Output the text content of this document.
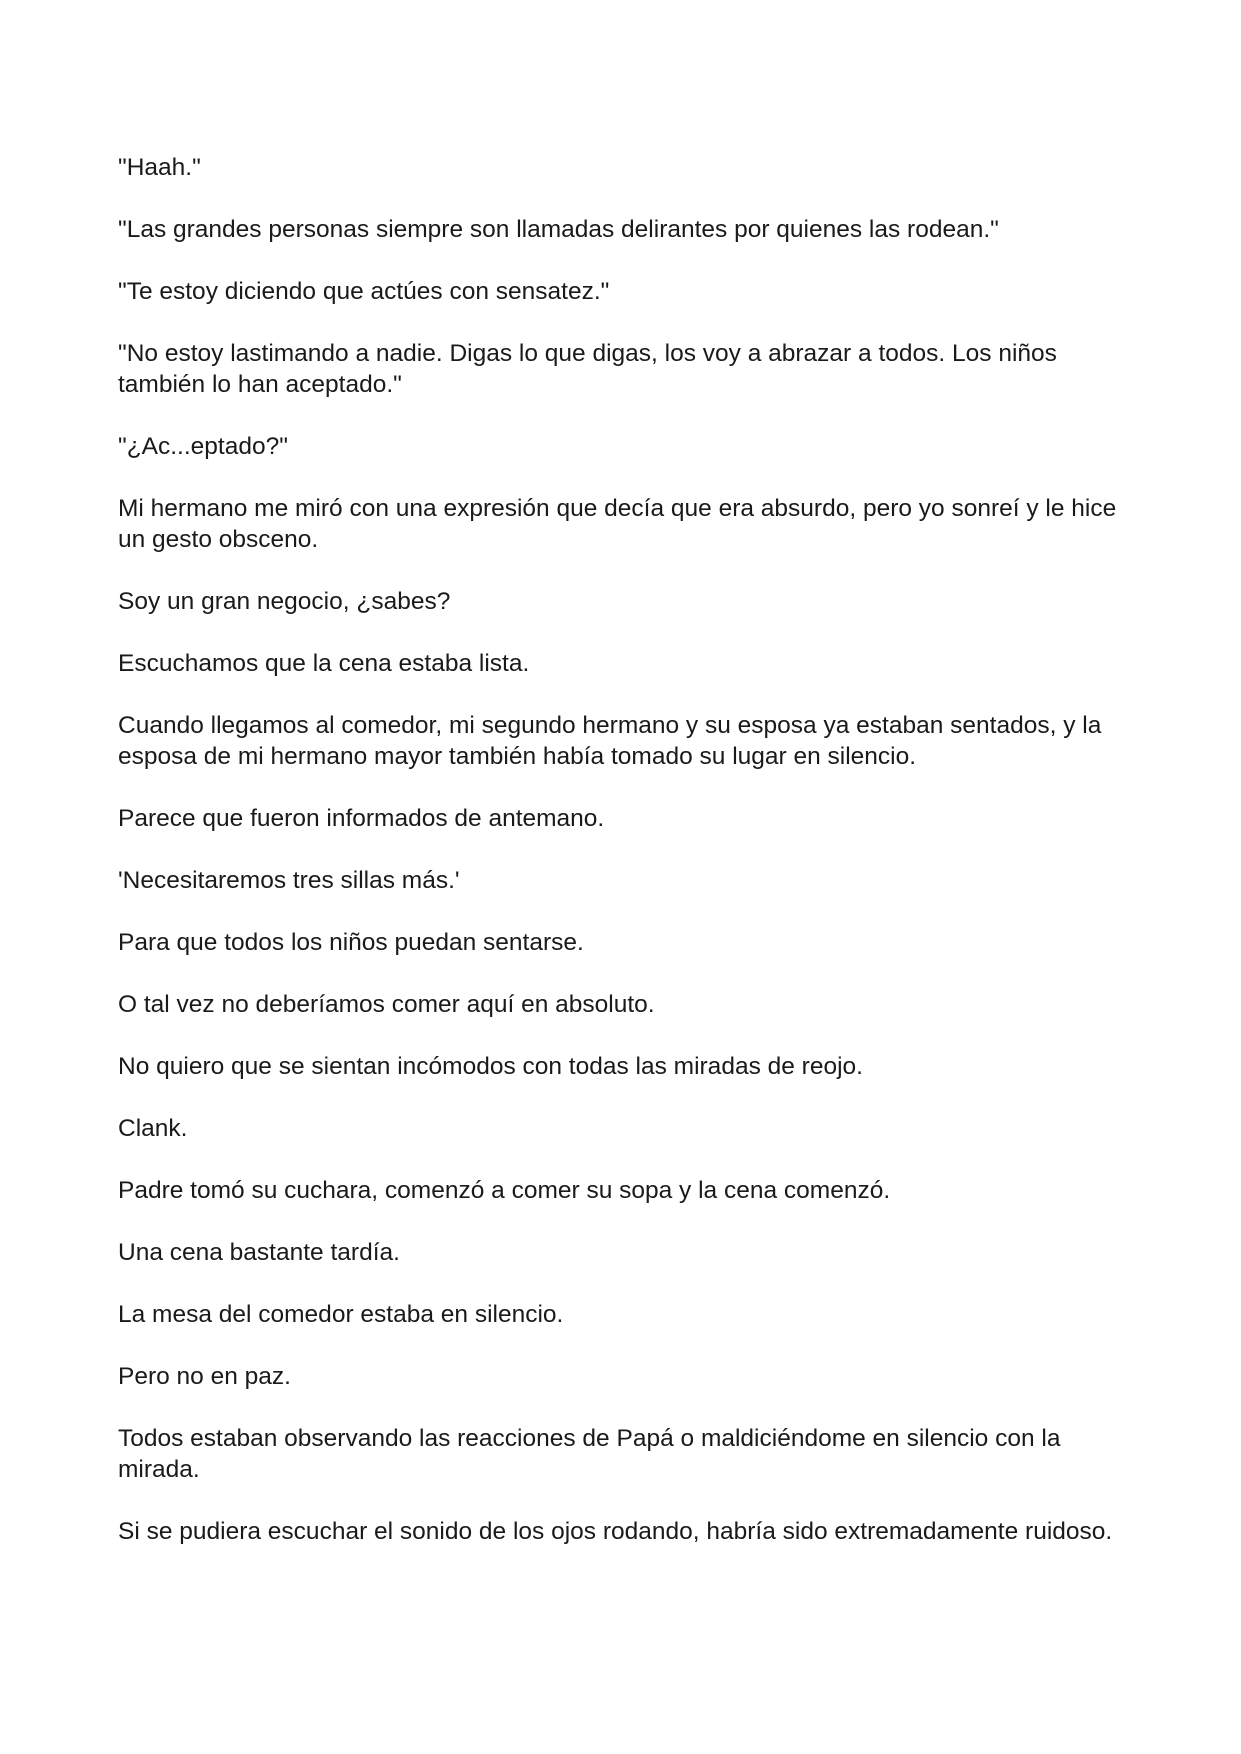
"Haah."

"Las grandes personas siempre son llamadas delirantes por quienes las rodean."

"Te estoy diciendo que actúes con sensatez."

"No estoy lastimando a nadie. Digas lo que digas, los voy a abrazar a todos. Los niños también lo han aceptado."

"¿Ac...eptado?"

Mi hermano me miró con una expresión que decía que era absurdo, pero yo sonreí y le hice un gesto obsceno.

Soy un gran negocio, ¿sabes?

Escuchamos que la cena estaba lista.

Cuando llegamos al comedor, mi segundo hermano y su esposa ya estaban sentados, y la esposa de mi hermano mayor también había tomado su lugar en silencio.

Parece que fueron informados de antemano.

'Necesitaremos tres sillas más.'

Para que todos los niños puedan sentarse.

O tal vez no deberíamos comer aquí en absoluto.

No quiero que se sientan incómodos con todas las miradas de reojo.

Clank.

Padre tomó su cuchara, comenzó a comer su sopa y la cena comenzó.

Una cena bastante tardía.

La mesa del comedor estaba en silencio.

Pero no en paz.

Todos estaban observando las reacciones de Papá o maldiciéndome en silencio con la mirada.

Si se pudiera escuchar el sonido de los ojos rodando, habría sido extremadamente ruidoso.
